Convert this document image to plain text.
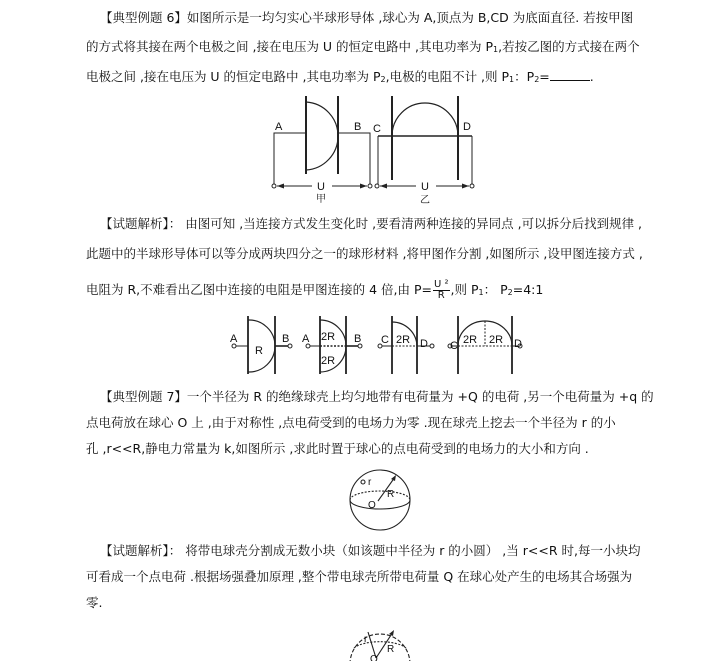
【典型例题 6】如图所示是一均匀实心半球形导体 ,球心为 A,顶点为 B,CD 为底面直径. 若按甲图
的方式将其接在两个电极之间 ,接在电压为 U 的恒定电路中 ,其电功率为 $P_1$,若按乙图的方式接在两个
电极之间 ,接在电压为 U 的恒定电路中 ,其电功率为 $P_2$,电极的电阻不计 ,则 $P_1$：$P_2=$	.
A	B C	D
U	U
甲	乙
【试题解析】： 由图可知 ,当连接方式发生变化时 ,要看清两种连接的异同点 ,可以拆分后找到规律 ,
此题中的半球形导体可以等分成两块四分之一的球形材料 ,将甲图作分割 ,如图所示 ,设甲图连接方式 ,
电阻为 R,不难看出乙图中连接的电阻是甲图连接的 4 倍,由 $P= \frac{\text{U ²}}{R}$ ,则 $P_1$： $P_2=4:1$
A	B
R
A	B
2R
2R
C	D
2R	C	D
2R 2R
【典型例题 7】一个半径为 R 的绝缘球壳上均匀地带有电荷量为 +Q 的电荷 ,另一个电荷量为 +q 的
点电荷放在球心 O 上 ,由于对称性 ,点电荷受到的电场力为零 .现在球壳上挖去一个半径为 r 的小
孔 ,r<<R,静电力常量为 k,如图所示 ,求此时置于球心的点电荷受到的电场力的大小和方向 .
r
R
O
【试题解析】： 将带电球壳分割成无数小块（如该题中半径为 r 的小圆） ,当 r<<R 时,每一小块均
可看成一个点电荷 .根据场强叠加原理 ,整个带电球壳所带电荷量 Q 在球心处产生的电场其合场强为
零.
r
R
O
